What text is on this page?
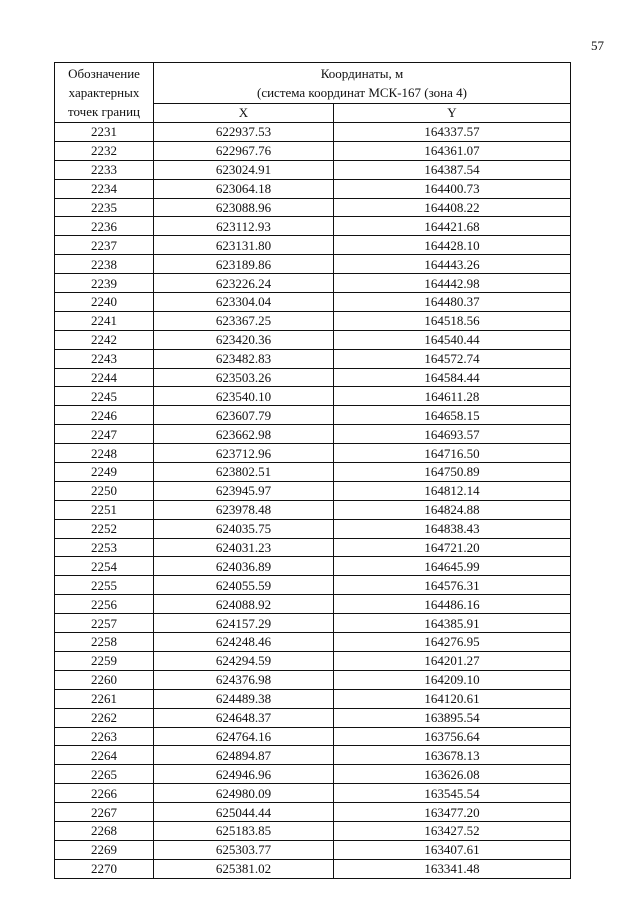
57
Обозначение
характерных
точек границ	Координаты, м
(система координат МСК-167 (зона 4)	

	X	Y
2231	622937.53	164337.57
2232	622967.76	164361.07
2233	623024.91	164387.54
2234	623064.18	164400.73
2235	623088.96	164408.22
2236	623112.93	164421.68
2237	623131.80	164428.10
2238	623189.86	164443.26
2239	623226.24	164442.98
2240	623304.04	164480.37
2241	623367.25	164518.56
2242	623420.36	164540.44
2243	623482.83	164572.74
2244	623503.26	164584.44
2245	623540.10	164611.28
2246	623607.79	164658.15
2247	623662.98	164693.57
2248	623712.96	164716.50
2249	623802.51	164750.89
2250	623945.97	164812.14
2251	623978.48	164824.88
2252	624035.75	164838.43
2253	624031.23	164721.20
2254	624036.89	164645.99
2255	624055.59	164576.31
2256	624088.92	164486.16
2257	624157.29	164385.91
2258	624248.46	164276.95
2259	624294.59	164201.27
2260	624376.98	164209.10
2261	624489.38	164120.61
2262	624648.37	163895.54
2263	624764.16	163756.64
2264	624894.87	163678.13
2265	624946.96	163626.08
2266	624980.09	163545.54
2267	625044.44	163477.20
2268	625183.85	163427.52
2269	625303.77	163407.61
2270	625381.02	163341.48
